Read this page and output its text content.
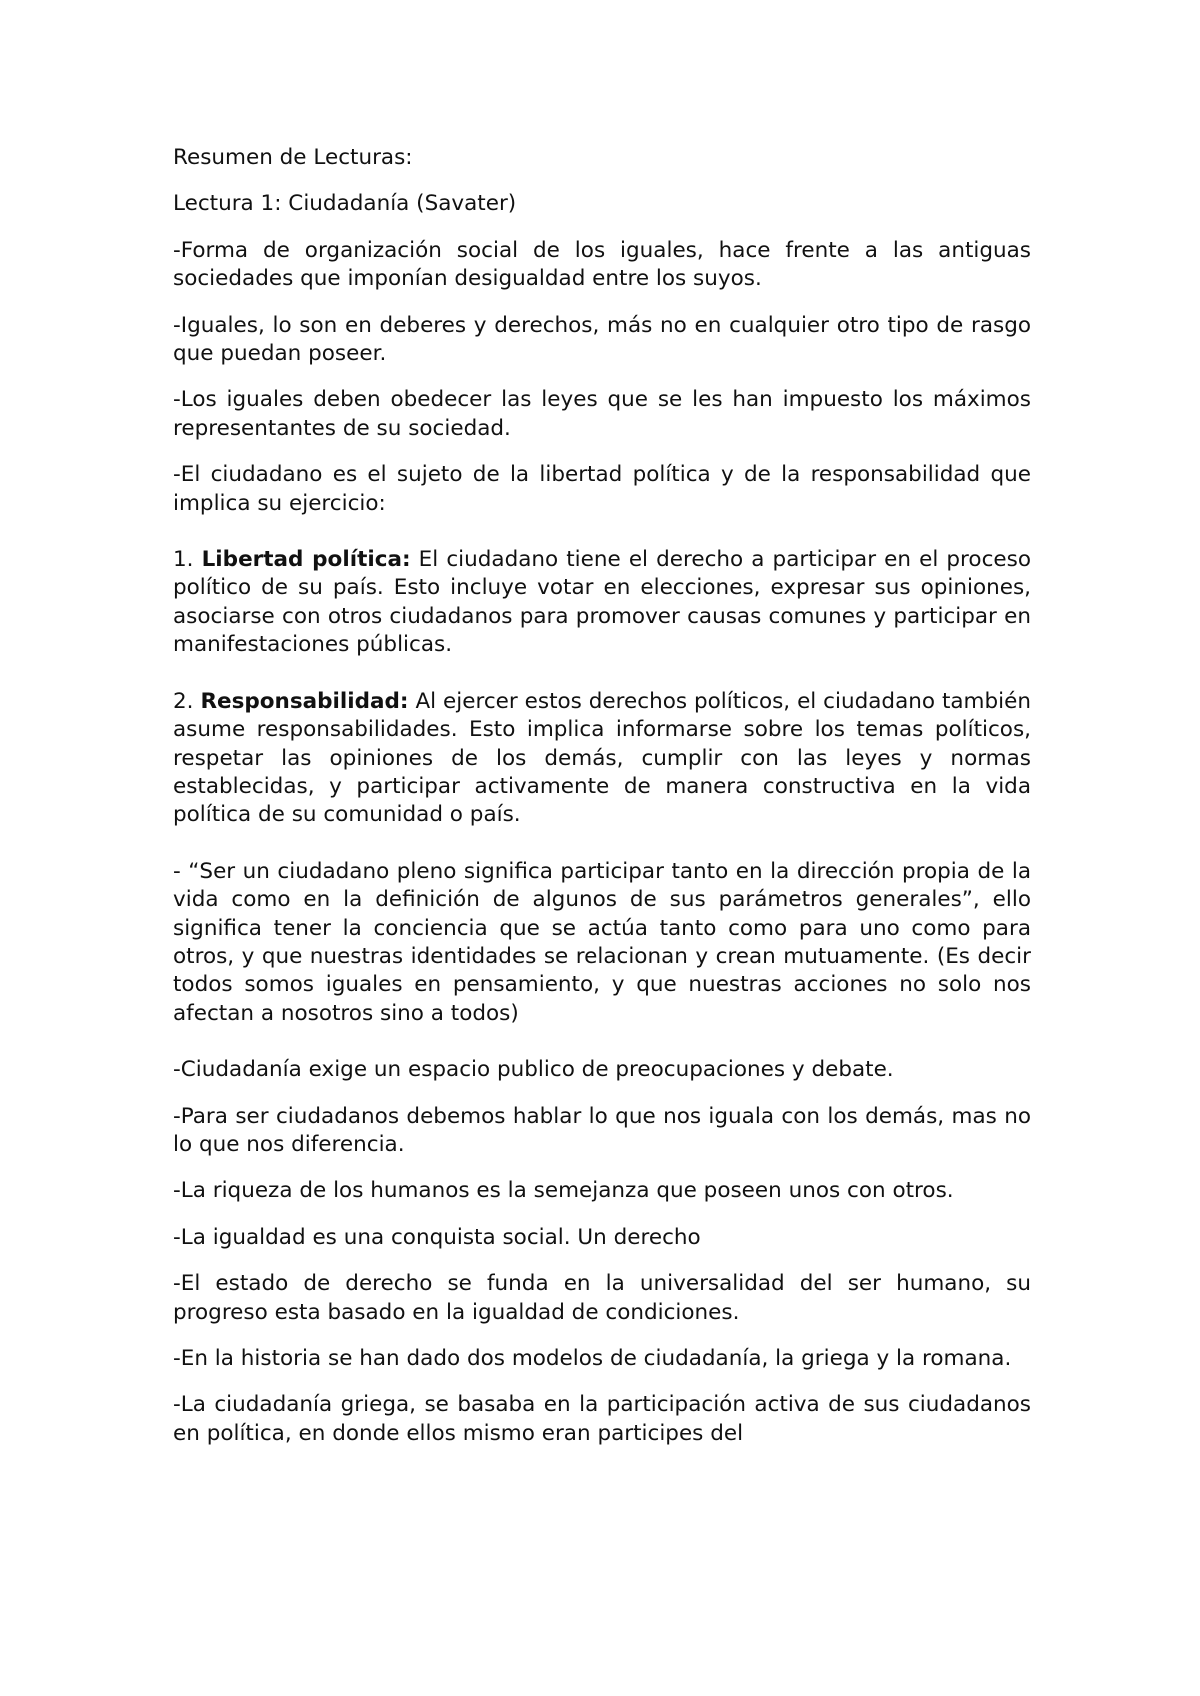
Resumen de Lecturas:

Lectura 1: Ciudadanía (Savater)

-Forma de organización social de los iguales, hace frente a las antiguas sociedades que imponían desigualdad entre los suyos.

-Iguales, lo son en deberes y derechos, más no en cualquier otro tipo de rasgo que puedan poseer.

-Los iguales deben obedecer las leyes que se les han impuesto los máximos representantes de su sociedad.

-El ciudadano es el sujeto de la libertad política y de la responsabilidad que implica su ejercicio:

1. Libertad política: El ciudadano tiene el derecho a participar en el proceso político de su país. Esto incluye votar en elecciones, expresar sus opiniones, asociarse con otros ciudadanos para promover causas comunes y participar en manifestaciones públicas.

2. Responsabilidad: Al ejercer estos derechos políticos, el ciudadano también asume responsabilidades. Esto implica informarse sobre los temas políticos, respetar las opiniones de los demás, cumplir con las leyes y normas establecidas, y participar activamente de manera constructiva en la vida política de su comunidad o país.

- “Ser un ciudadano pleno significa participar tanto en la dirección propia de la vida como en la definición de algunos de sus parámetros generales”, ello significa tener la conciencia que se actúa tanto como para uno como para otros, y que nuestras identidades se relacionan y crean mutuamente. (Es decir todos somos iguales en pensamiento, y que nuestras acciones no solo nos afectan a nosotros sino a todos)

-Ciudadanía exige un espacio publico de preocupaciones y debate.

-Para ser ciudadanos debemos hablar lo que nos iguala con los demás, mas no lo que nos diferencia.

-La riqueza de los humanos es la semejanza que poseen unos con otros.

-La igualdad es una conquista social. Un derecho

-El estado de derecho se funda en la universalidad del ser humano, su progreso esta basado en la igualdad de condiciones.

-En la historia se han dado dos modelos de ciudadanía, la griega y la romana.

-La ciudadanía griega, se basaba en la participación activa de sus ciudadanos en política, en donde ellos mismo eran participes del
